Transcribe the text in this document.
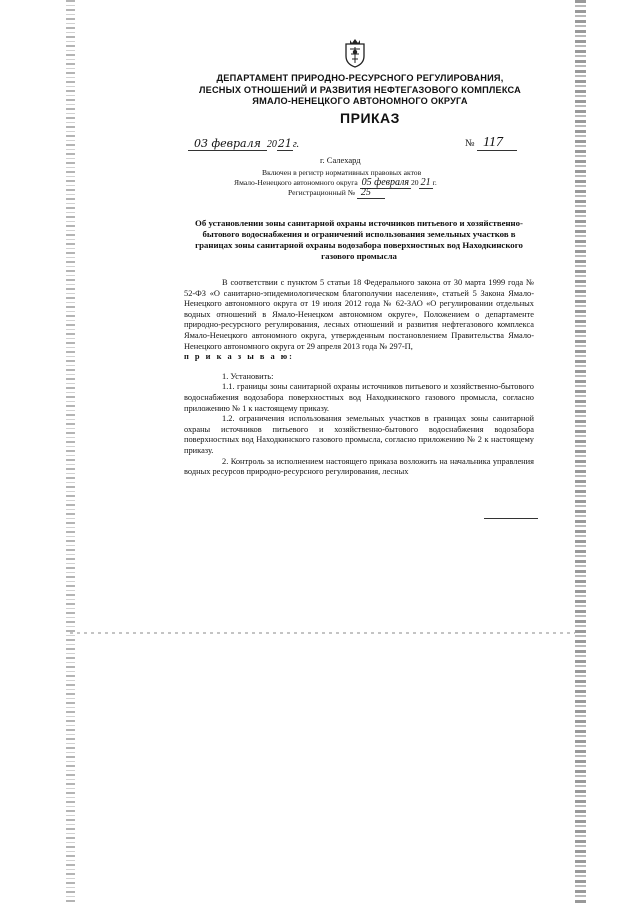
ДЕПАРТАМЕНТ ПРИРОДНО-РЕСУРСНОГО РЕГУЛИРОВАНИЯ,
ЛЕСНЫХ ОТНОШЕНИЙ И РАЗВИТИЯ НЕФТЕГАЗОВОГО КОМПЛЕКСА
ЯМАЛО-НЕНЕЦКОГО АВТОНОМНОГО ОКРУГА
ПРИКАЗ
03 февраля 2021г.	№ 117
г. Салехард
Включен в регистр нормативных правовых актов
Ямало-Ненецкого автономного округа 05 февраля 20 21 г.
Регистрационный № 25
Об установлении зоны санитарной охраны источников питьевого и хозяйственно-бытового водоснабжения и ограничений использования земельных участков в границах зоны санитарной охраны водозабора поверхностных вод Находкинского газового промысла

В соответствии с пунктом 5 статьи 18 Федерального закона от 30 марта 1999 года № 52-ФЗ «О санитарно-эпидемиологическом благополучии населения», статьей 5 Закона Ямало-Ненецкого автономного округа от 19 июля 2012 года № 62-ЗАО «О регулировании отдельных водных отношений в Ямало-Ненецком автономном округе», Положением о департаменте природно-ресурсного регулирования, лесных отношений и развития нефтегазового комплекса Ямало-Ненецкого автономного округа, утвержденным постановлением Правительства Ямало-Ненецкого автономного округа от 29 апреля 2013 года № 297-П,

п р и к а з ы в а ю:

1. Установить:

1.1. границы зоны санитарной охраны источников питьевого и хозяйственно-бытового водоснабжения водозабора поверхностных вод Находкинского газового промысла, согласно приложению № 1 к настоящему приказу.

1.2. ограничения использования земельных участков в границах зоны санитарной охраны источников питьевого и хозяйственно-бытового водоснабжения водозабора поверхностных вод Находкинского газового промысла, согласно приложению № 2 к настоящему приказу.

2. Контроль за исполнением настоящего приказа возложить на начальника управления водных ресурсов природно-ресурсного регулирования, лесных
